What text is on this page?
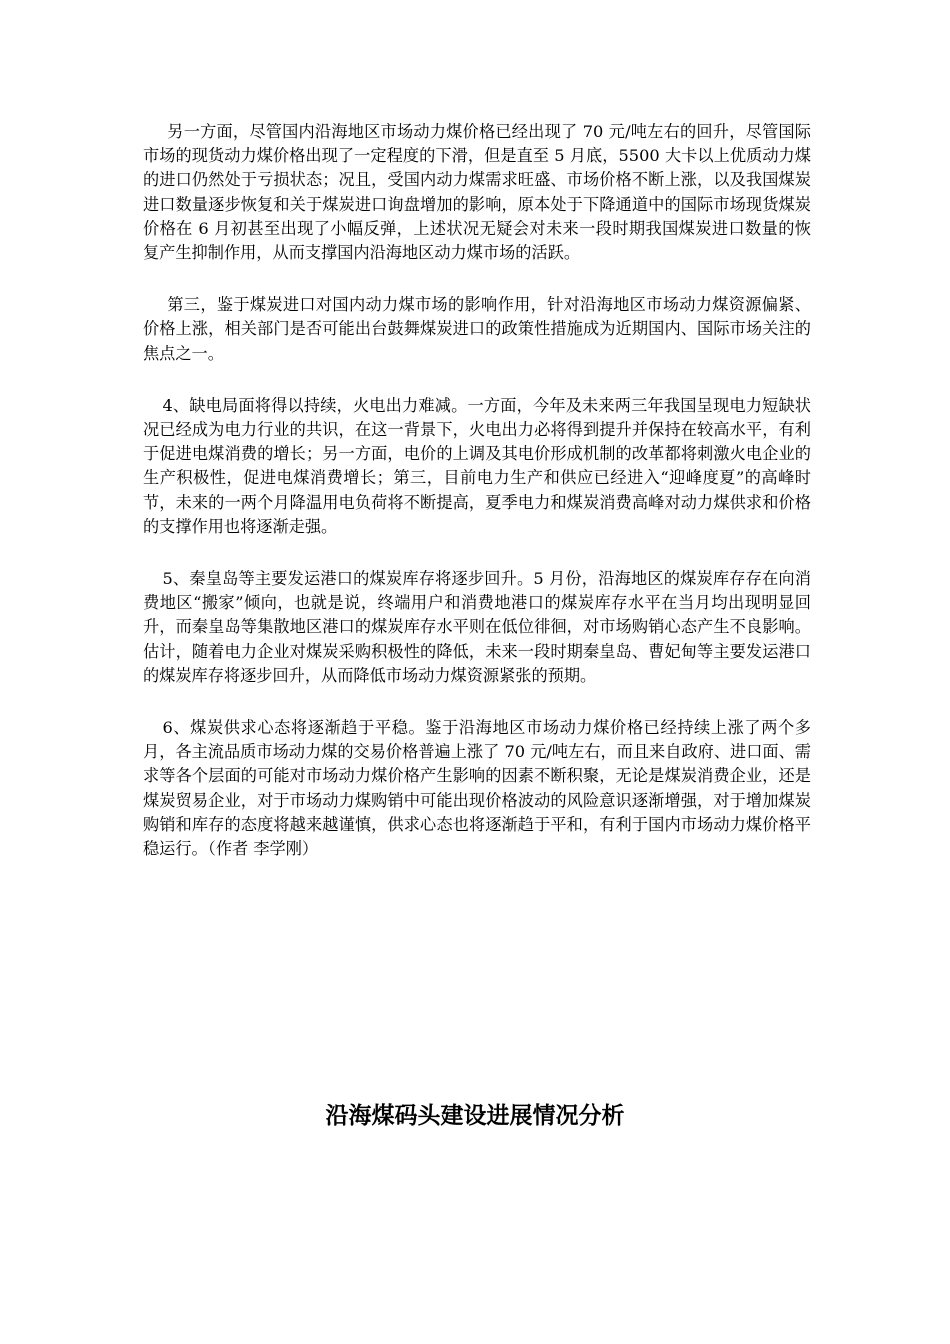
另一方面，尽管国内沿海地区市场动力煤价格已经出现了 70 元/吨左右的回升，尽管国际市场的现货动力煤价格出现了一定程度的下滑，但是直至 5 月底，5500 大卡以上优质动力煤的进口仍然处于亏损状态；况且，受国内动力煤需求旺盛、市场价格不断上涨，以及我国煤炭进口数量逐步恢复和关于煤炭进口询盘增加的影响，原本处于下降通道中的国际市场现货煤炭价格在 6 月初甚至出现了小幅反弹，上述状况无疑会对未来一段时期我国煤炭进口数量的恢复产生抑制作用，从而支撑国内沿海地区动力煤市场的活跃。

第三，鉴于煤炭进口对国内动力煤市场的影响作用，针对沿海地区市场动力煤资源偏紧、价格上涨，相关部门是否可能出台鼓舞煤炭进口的政策性措施成为近期国内、国际市场关注的焦点之一。

4、缺电局面将得以持续，火电出力难减。一方面，今年及未来两三年我国呈现电力短缺状况已经成为电力行业的共识，在这一背景下，火电出力必将得到提升并保持在较高水平，有利于促进电煤消费的增长；另一方面，电价的上调及其电价形成机制的改革都将刺激火电企业的生产积极性，促进电煤消费增长；第三，目前电力生产和供应已经进入“迎峰度夏”的高峰时节，未来的一两个月降温用电负荷将不断提高，夏季电力和煤炭消费高峰对动力煤供求和价格的支撑作用也将逐渐走强。

5、秦皇岛等主要发运港口的煤炭库存将逐步回升。5 月份，沿海地区的煤炭库存存在向消费地区“搬家”倾向，也就是说，终端用户和消费地港口的煤炭库存水平在当月均出现明显回升，而秦皇岛等集散地区港口的煤炭库存水平则在低位徘徊，对市场购销心态产生不良影响。估计，随着电力企业对煤炭采购积极性的降低，未来一段时期秦皇岛、曹妃甸等主要发运港口的煤炭库存将逐步回升，从而降低市场动力煤资源紧张的预期。

6、煤炭供求心态将逐渐趋于平稳。鉴于沿海地区市场动力煤价格已经持续上涨了两个多月，各主流品质市场动力煤的交易价格普遍上涨了 70 元/吨左右，而且来自政府、进口面、需求等各个层面的可能对市场动力煤价格产生影响的因素不断积聚，无论是煤炭消费企业，还是煤炭贸易企业，对于市场动力煤购销中可能出现价格波动的风险意识逐渐增强，对于增加煤炭购销和库存的态度将越来越谨慎，供求心态也将逐渐趋于平和，有利于国内市场动力煤价格平稳运行。（作者 李学刚）

沿海煤码头建设进展情况分析
